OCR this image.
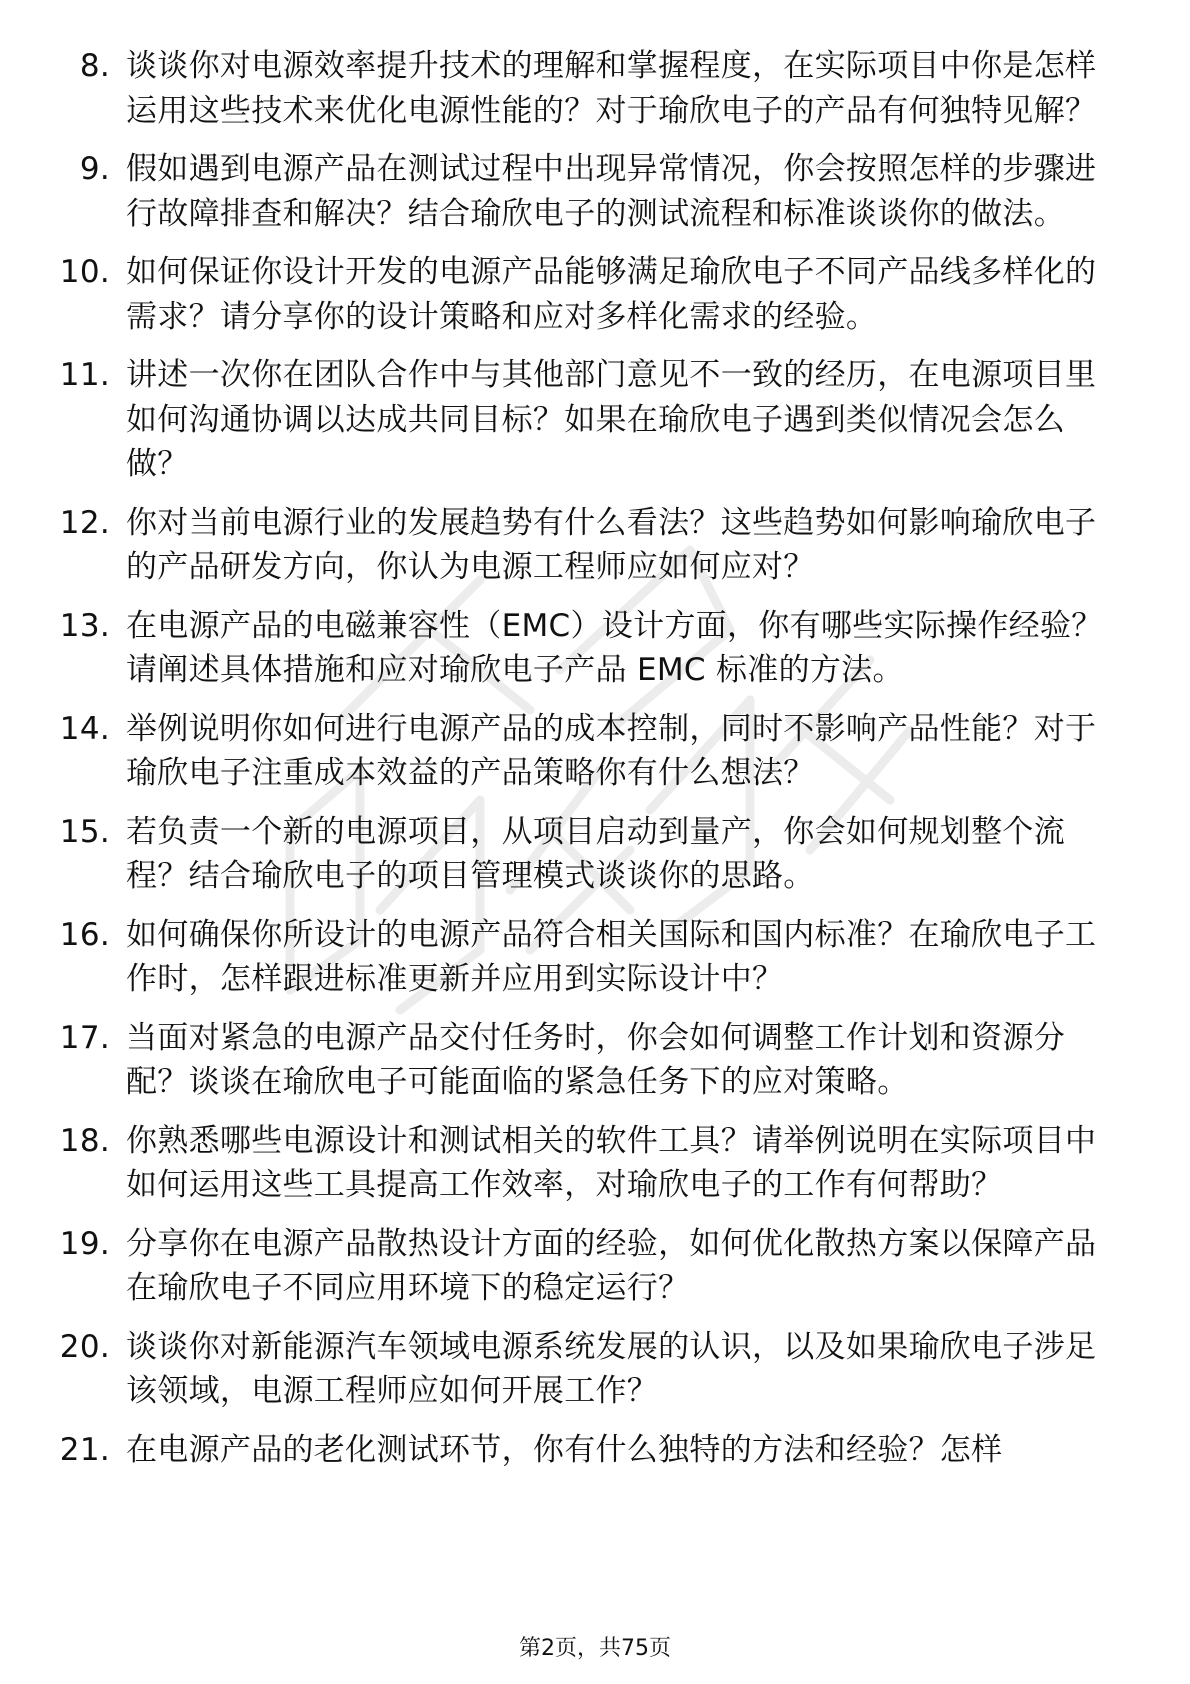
8. 谈谈你对电源效率提升技术的理解和掌握程度，在实际项目中你是怎样运用这些技术来优化电源性能的？对于瑜欣电子的产品有何独特见解？
9. 假如遇到电源产品在测试过程中出现异常情况，你会按照怎样的步骤进行故障排查和解决？结合瑜欣电子的测试流程和标准谈谈你的做法。
10. 如何保证你设计开发的电源产品能够满足瑜欣电子不同产品线多样化的需求？请分享你的设计策略和应对多样化需求的经验。
11. 讲述一次你在团队合作中与其他部门意见不一致的经历，在电源项目里如何沟通协调以达成共同目标？如果在瑜欣电子遇到类似情况会怎么做？
12. 你对当前电源行业的发展趋势有什么看法？这些趋势如何影响瑜欣电子的产品研发方向，你认为电源工程师应如何应对？
13. 在电源产品的电磁兼容性（EMC）设计方面，你有哪些实际操作经验？请阐述具体措施和应对瑜欣电子产品 EMC 标准的方法。
14. 举例说明你如何进行电源产品的成本控制，同时不影响产品性能？对于瑜欣电子注重成本效益的产品策略你有什么想法？
15. 若负责一个新的电源项目，从项目启动到量产，你会如何规划整个流程？结合瑜欣电子的项目管理模式谈谈你的思路。
16. 如何确保你所设计的电源产品符合相关国际和国内标准？在瑜欣电子工作时，怎样跟进标准更新并应用到实际设计中？
17. 当面对紧急的电源产品交付任务时，你会如何调整工作计划和资源分配？谈谈在瑜欣电子可能面临的紧急任务下的应对策略。
18. 你熟悉哪些电源设计和测试相关的软件工具？请举例说明在实际项目中如何运用这些工具提高工作效率，对瑜欣电子的工作有何帮助？
19. 分享你在电源产品散热设计方面的经验，如何优化散热方案以保障产品在瑜欣电子不同应用环境下的稳定运行？
20. 谈谈你对新能源汽车领域电源系统发展的认识，以及如果瑜欣电子涉足该领域，电源工程师应如何开展工作？
21. 在电源产品的老化测试环节，你有什么独特的方法和经验？怎样
第2页，共75页
